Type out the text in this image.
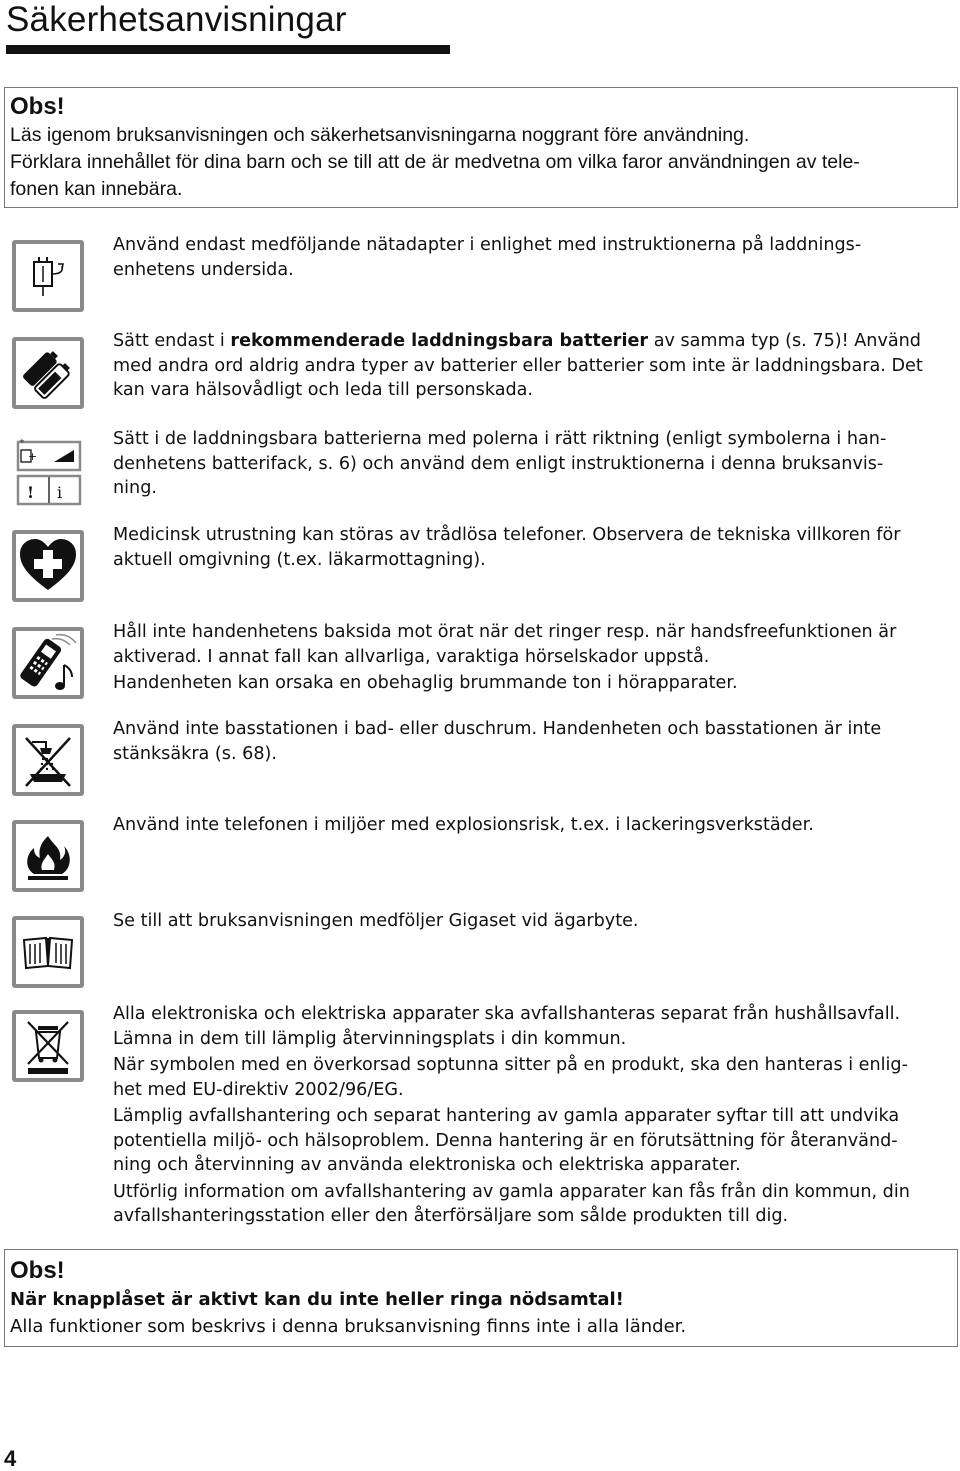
Säkerhetsanvisningar
Obs!
Läs igenom bruksanvisningen och säkerhetsanvisningarna noggrant före användning.
Förklara innehållet för dina barn och se till att de är medvetna om vilka faror användningen av tele-
fonen kan innebära.

Använd endast medföljande nätadapter i enlighet med instruktionerna på laddnings-

enhetens undersida.

Sätt endast i rekommenderade laddningsbara batterier av samma typ (s. 75)! Använd

med andra ord aldrig andra typer av batterier eller batterier som inte är laddningsbara. Det

kan vara hälsovådligt och leda till personskada.

+
+
! i

Sätt i de laddningsbara batterierna med polerna i rätt riktning (enligt symbolerna i han-

denhetens batterifack, s. 6) och använd dem enligt instruktionerna i denna bruksanvis-

ning.

Medicinsk utrustning kan störas av trådlösa telefoner. Observera de tekniska villkoren för

aktuell omgivning (t.ex. läkarmottagning).

Håll inte handenhetens baksida mot örat när det ringer resp. när handsfreefunktionen är

aktiverad. I annat fall kan allvarliga, varaktiga hörselskador uppstå.

Handenheten kan orsaka en obehaglig brummande ton i hörapparater.

Använd inte basstationen i bad- eller duschrum. Handenheten och basstationen är inte

stänksäkra (s. 68).

Använd inte telefonen i miljöer med explosionsrisk, t.ex. i lackeringsverkstäder.

Se till att bruksanvisningen medföljer Gigaset vid ägarbyte.

Alla elektroniska och elektriska apparater ska avfallshanteras separat från hushållsavfall.

Lämna in dem till lämplig återvinningsplats i din kommun.

När symbolen med en överkorsad soptunna sitter på en produkt, ska den hanteras i enlig-

het med EU-direktiv 2002/96/EG.

Lämplig avfallshantering och separat hantering av gamla apparater syftar till att undvika

potentiella miljö- och hälsoproblem. Denna hantering är en förutsättning för återanvänd-

ning och återvinning av använda elektroniska och elektriska apparater.

Utförlig information om avfallshantering av gamla apparater kan fås från din kommun, din

avfallshanteringsstation eller den återförsäljare som sålde produkten till dig.

Obs!
När knapplåset är aktivt kan du inte heller ringa nödsamtal!
Alla funktioner som beskrivs i denna bruksanvisning finns inte i alla länder.
4
